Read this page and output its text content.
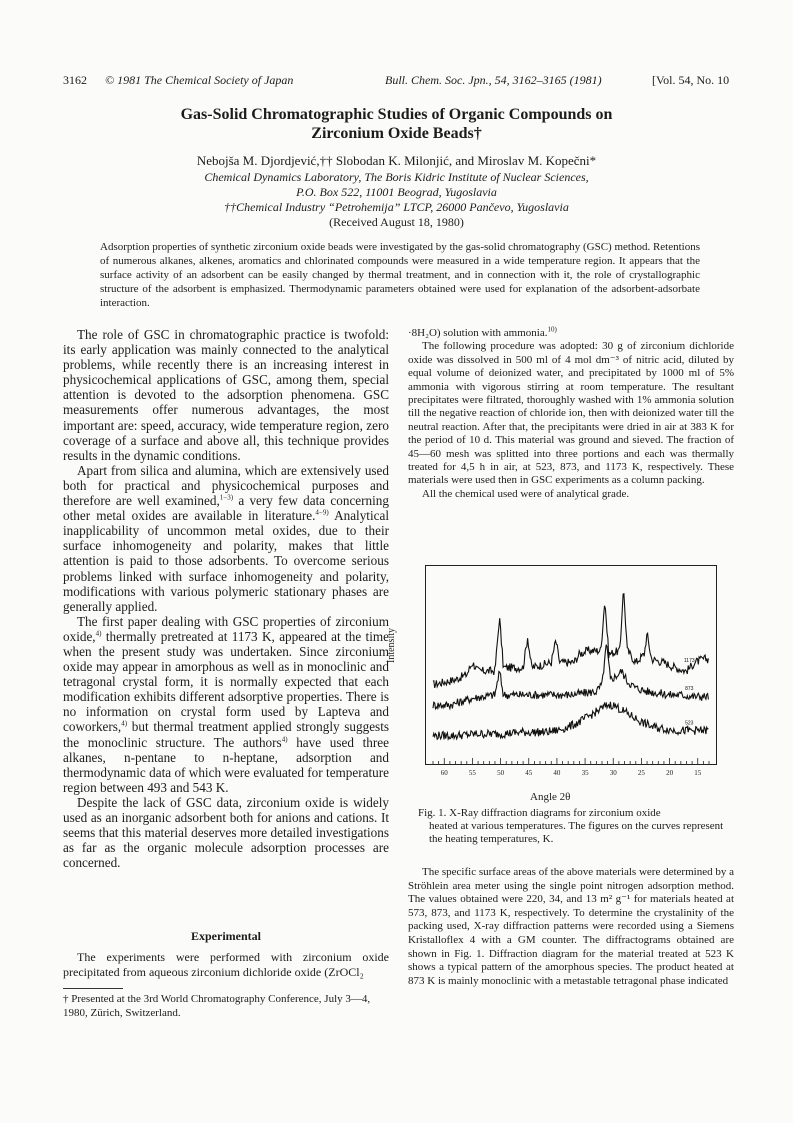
3162 © 1981 The Chemical Society of Japan	Bull. Chem. Soc. Jpn., 54, 3162–3165 (1981)	[Vol. 54, No. 10
Gas-Solid Chromatographic Studies of Organic Compounds on
Zirconium Oxide Beads†
Nebojša M. Djordjević,†† Slobodan K. Milonjić, and Miroslav M. Kopečni*
Chemical Dynamics Laboratory, The Boris Kidric Institute of Nuclear Sciences,
P.O. Box 522, 11001 Beograd, Yugoslavia
††Chemical Industry “Petrohemija” LTCP, 26000 Pančevo, Yugoslavia
(Received August 18, 1980)
Adsorption properties of synthetic zirconium oxide beads were investigated by the gas-solid chromatography (GSC) method. Retentions of numerous alkanes, alkenes, aromatics and chlorinated compounds were measured in a wide temperature region. It appears that the surface activity of an adsorbent can be easily changed by thermal treatment, and in connection with it, the role of crystallographic structure of the adsorbent is emphasized. Thermodynamic parameters obtained were used for explanation of the adsorbent-adsorbate interaction.

The role of GSC in chromatographic practice is twofold: its early application was mainly connected to the analytical problems, while recently there is an increasing interest in physicochemical applications of GSC, among them, special attention is devoted to the adsorption phenomena. GSC measurements offer numerous advantages, the most important are: speed, accuracy, wide temperature region, zero coverage of a surface and above all, this technique provides results in the dynamic conditions.

Apart from silica and alumina, which are extensively used both for practical and physicochemical purposes and therefore are well examined,$^{1-3)}$ a very few data concerning other metal oxides are available in literature.$^{4-9)}$ Analytical inapplicability of uncommon metal oxides, due to their surface inhomogeneity and polarity, makes that little attention is paid to those adsorbents. To overcome serious problems linked with surface inhomogeneity and polarity, modifications with various polymeric stationary phases are generally applied.

The first paper dealing with GSC properties of zirconium oxide,$^{4)}$ thermally pretreated at 1173 K, appeared at the time when the present study was undertaken. Since zirconium oxide may appear in amorphous as well as in monoclinic and tetragonal crystal form, it is normally expected that each modification exhibits different adsorptive properties. There is no information on crystal form used by Lapteva and coworkers,$^{4)}$ but thermal treatment applied strongly suggests the monoclinic structure. The authors$^{4)}$ have used three alkanes, n-pentane to n-heptane, adsorption and thermodynamic data of which were evaluated for temperature region between 493 and 543 K.

Despite the lack of GSC data, zirconium oxide is widely used as an inorganic adsorbent both for anions and cations. It seems that this material deserves more detailed investigations as far as the organic molecule adsorption processes are concerned.

Experimental

The experiments were performed with zirconium oxide precipitated from aqueous zirconium dichloride oxide (ZrOCl₂

† Presented at the 3rd World Chromatography Conference, July 3—4, 1980, Zürich, Switzerland.

·8H₂O) solution with ammonia.$^{10)}$

The following procedure was adopted: 30 g of zirconium dichloride oxide was dissolved in 500 ml of 4 mol dm⁻³ of nitric acid, diluted by equal volume of deionized water, and precipitated by 1000 ml of 5% ammonia with vigorous stirring at room temperature. The resultant precipitates were filtrated, thoroughly washed with 1% ammonia solution till the negative reaction of chloride ion, then with deionized water till the neutral reaction. After that, the precipitants were dried in air at 383 K for the period of 10 d. This material was ground and sieved. The fraction of 45—60 mesh was splitted into three portions and each was thermally treated for 4,5 h in air, at 523, 873, and 1173 K, respectively. These materials were used then in GSC experiments as a column packing.

All the chemical used were of analytical grade.

60	55	50	45	40	35	30	25	20	15
1173
873
523
Intensity
Angle 2θ
Fig. 1. X-Ray diffraction diagrams for zirconium oxide
heated at various temperatures. The figures on the curves represent the heating temperatures, K.

The specific surface areas of the above materials were determined by a Ströhlein area meter using the single point nitrogen adsorption method. The values obtained were 220, 34, and 13 m² g⁻¹ for materials heated at 573, 873, and 1173 K, respectively. To determine the crystalinity of the packing used, X-ray diffraction patterns were recorded using a Siemens Kristalloflex 4 with a GM counter. The diffractograms obtained are shown in Fig. 1. Diffraction diagram for the material treated at 523 K shows a typical pattern of the amorphous species. The product heated at 873 K is mainly monoclinic with a metastable tetragonal phase indicated
